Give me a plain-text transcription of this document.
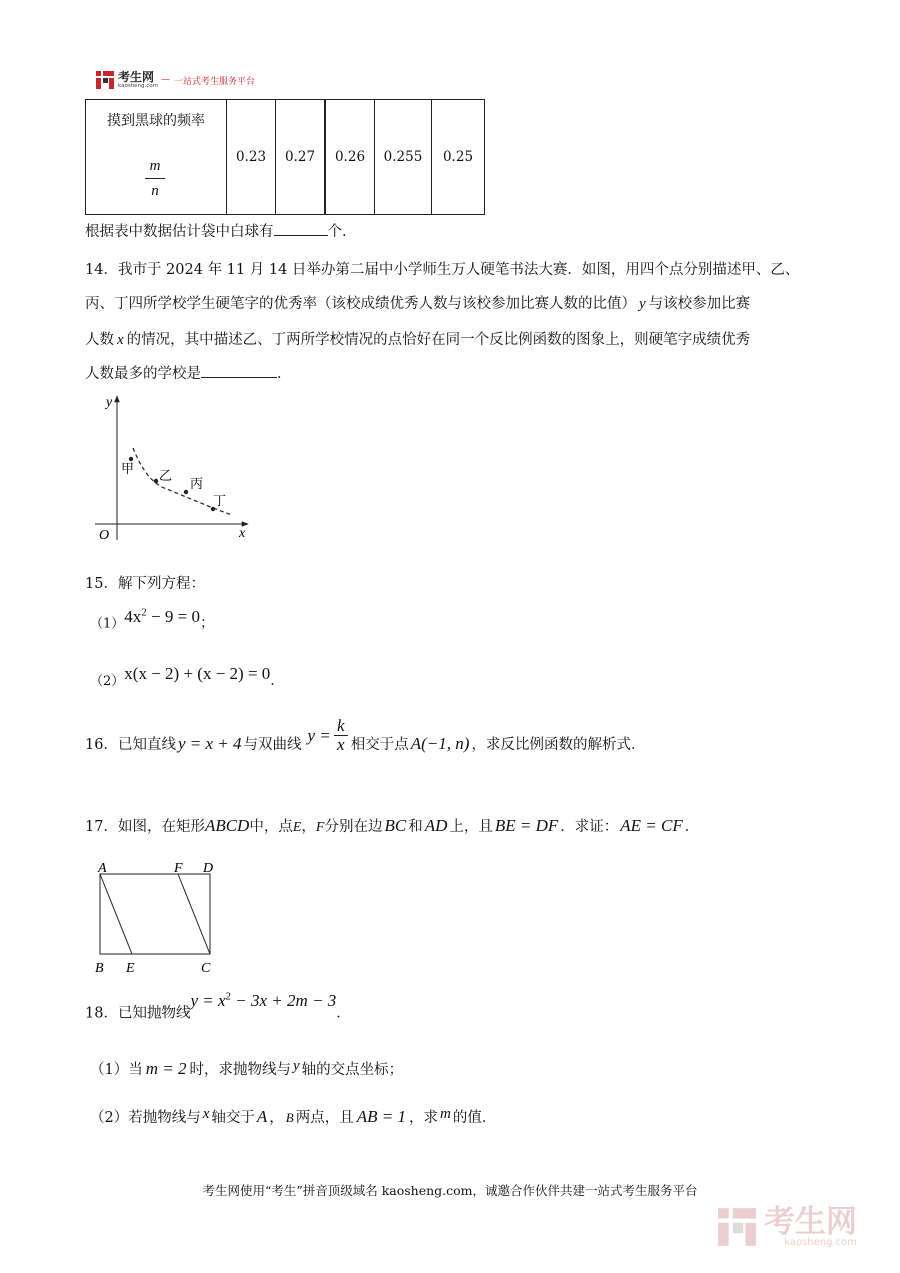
考生网
kaosheng.com
— 一站式考生服务平台
摸到黑球的频率
m
n
	0.23	0.27	0.26	0.255	0.25
根据表中数据估计袋中白球有	个.
14．我市于 2024 年 11 月 14 日举办第二届中小学师生万人硬笔书法大赛．如图，用四个点分别描述甲、乙、
丙、丁四所学校学生硬笔字的优秀率（该校成绩优秀人数与该校参加比赛人数的比值） y 与该校参加比赛
人数 x 的情况，其中描述乙、丁两所学校情况的点恰好在同一个反比例函数的图象上，则硬笔字成绩优秀
人数最多的学校是	．
y
x
O
甲 乙
丙
丁
15．解下列方程：
$(1)4x^2 - 9 = 0$；
（2）x(x − 2) + (x − 2) = 0．
16．已知直线 y = x + 4 与双曲线
y = k
x 相交于点 A(−1, n) ，求反比例函数的解析式．
17．如图，在矩形ABCD中，点E，F分别在边 BC 和 AD 上，且 BE = DF ．求证： AE = CF ．
A	F D
B E	C
18．已知抛物线$y = x^2 - 3x + 2m - 3$．
（1）当 m = 2 时，求抛物线与 y 轴的交点坐标；
（2）若抛物线与 x 轴交于 A ， B 两点，且 AB = 1 ，求 m 的值．
考生网使用“考生”拼音顶级域名 kaosheng.com，诚邀合作伙伴共建一站式考生服务平台
考生网
kaosheng.com
